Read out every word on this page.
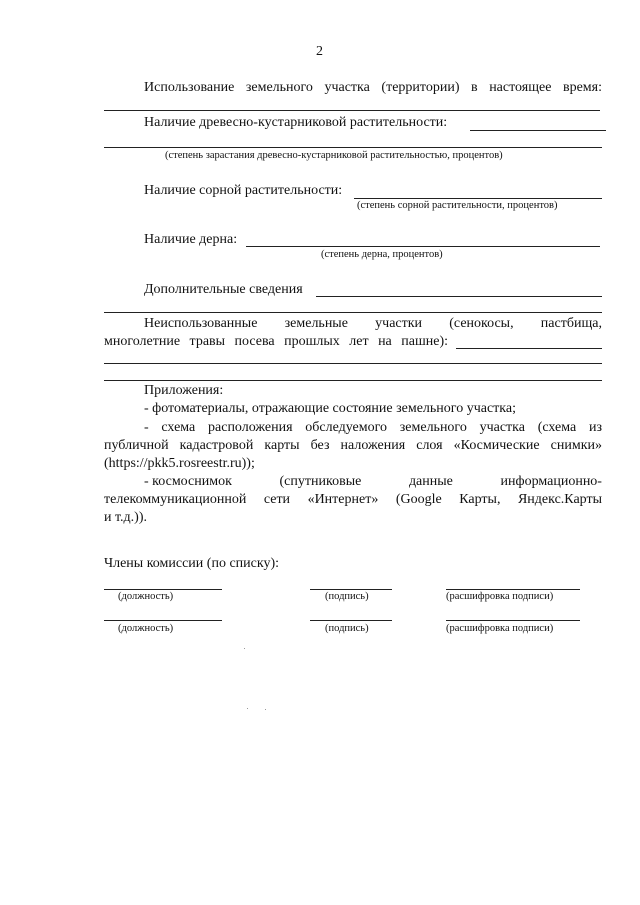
2
Использование земельного участка (территории) в настоящее время:
Наличие древесно-кустарниковой растительности:
(степень зарастания древесно-кустарниковой растительностью, процентов)
Наличие сорной растительности:
(степень сорной растительности, процентов)
Наличие дерна:
(степень дерна, процентов)
Дополнительные сведения
Неиспользованные земельные участки (сенокосы, пастбища,
многолетние травы посева прошлых лет на пашне):
Приложения:
- фотоматериалы, отражающие состояние земельного участка;
- схема расположения обследуемого земельного участка (схема из
публичной кадастровой карты без наложения слоя «Космические снимки»
(https://pkk5.rosreestr.ru));
- космоснимок	(спутниковые	данные	информационно-
телекоммуникационной сети «Интернет» (Google Карты, Яндекс.Карты
и т.д.)).
Члены комиссии (по списку):
(должность)	(подпись)	(расшифровка подписи)
(должность)	(подпись)	(расшифровка подписи)
